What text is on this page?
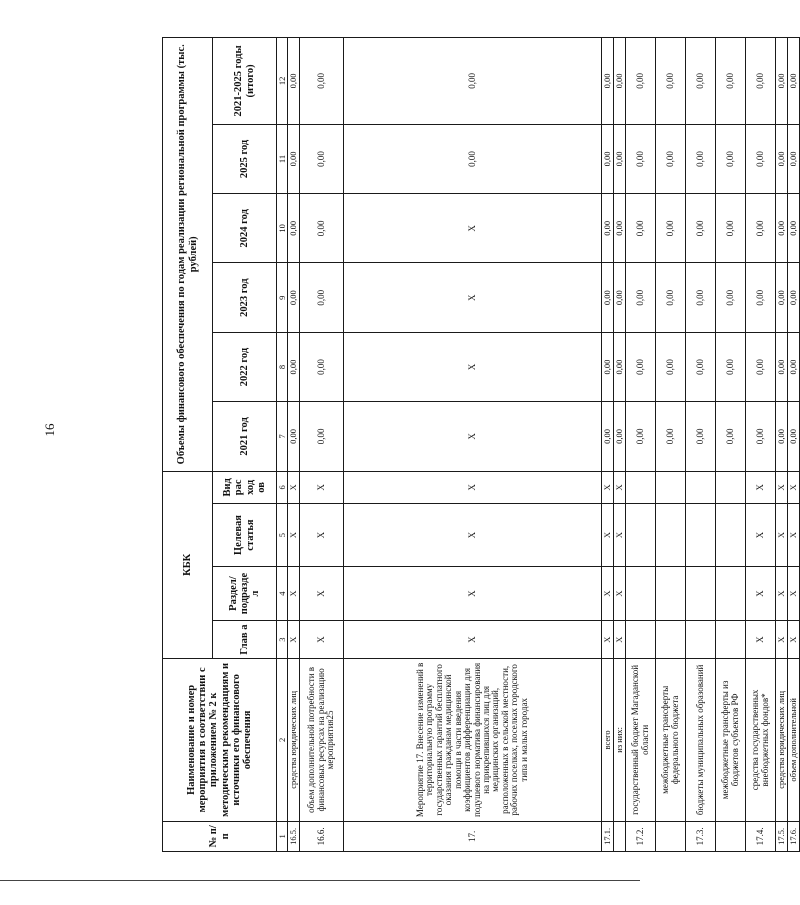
16
№ п/п	Наименование и номер мероприятия в соответствии с приложением № 2 к методическим рекомендациям и источники его финансового обеспечения	КБК				Объемы финансового обеспечения по годам реализации региональной программы (тыс. рублей)					
		Глав а	Раздел/ подразде л	Целевая статья	Вид рас ход ов	2021 год	2022 год	2023 год	2024 год	2025 год	2021-2025 годы (итого)
1	2	3	4	5	6	7	8	9	10	11	12
16.5.	средства юридических лиц	X	X	X	X	0,00	0,00	0,00	0,00	0,00	0,00
16.6.	объем дополнительной потребности в финансовых ресурсах на реализацию мероприятия25	X	X	X	X	0,00	0,00	0,00	0,00	0,00	0,00
17.	Мероприятие 17. Внесение изменений в территориальную программу государственных гарантий бесплатного оказания гражданам медицинской помощи в части введения коэффициентов дифференциации для подушевого норматива финансирования на прикрепившихся лиц для медицинских организаций, расположенных в сельской местности, рабочих поселках, поселках городского типа и малых городах	X	X	X	X	X	X	X	X	0,00	0,00
17.1.	всего	X	X	X	X	0,00	0,00	0,00	0,00	0,00	0,00
	из них:	X	X	X	X	0,00	0,00	0,00	0,00	0,00	0,00
17.2.	государственный бюджет Магаданской области					0,00	0,00	0,00	0,00	0,00	0,00
	межбюджетные трансферты федерального бюджета					0,00	0,00	0,00	0,00	0,00	0,00
17.3.	бюджеты муниципальных образований					0,00	0,00	0,00	0,00	0,00	0,00
	межбюджетные трансферты из бюджетов субъектов РФ					0,00	0,00	0,00	0,00	0,00	0,00
17.4.	средства государственных внебюджетных фондов*	X	X	X	X	0,00	0,00	0,00	0,00	0,00	0,00
17.5.	средства юридических лиц	X	X	X	X	0,00	0,00	0,00	0,00	0,00	0,00
17.6.	объем дополнительной	X	X	X	X	0,00	0,00	0,00	0,00	0,00	0,00
